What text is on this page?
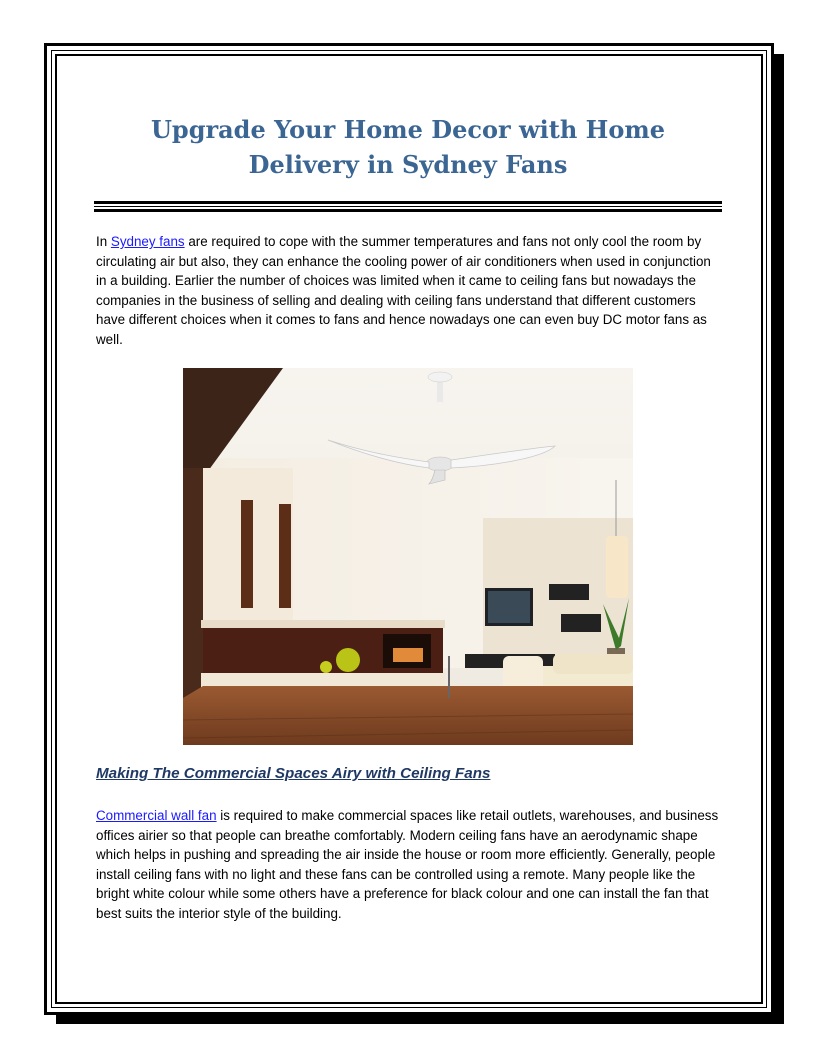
Upgrade Your Home Decor with Home Delivery in Sydney Fans

In Sydney fans are required to cope with the summer temperatures and fans not only cool the room by circulating air but also, they can enhance the cooling power of air conditioners when used in conjunction in a building. Earlier the number of choices was limited when it came to ceiling fans but nowadays the companies in the business of selling and dealing with ceiling fans understand that different customers have different choices when it comes to fans and hence nowadays one can even buy DC motor fans as well.

Making The Commercial Spaces Airy with Ceiling Fans

Commercial wall fan is required to make commercial spaces like retail outlets, warehouses, and business offices airier so that people can breathe comfortably. Modern ceiling fans have an aerodynamic shape which helps in pushing and spreading the air inside the house or room more efficiently. Generally, people install ceiling fans with no light and these fans can be controlled using a remote. Many people like the bright white colour while some others have a preference for black colour and one can install the fan that best suits the interior style of the building.
